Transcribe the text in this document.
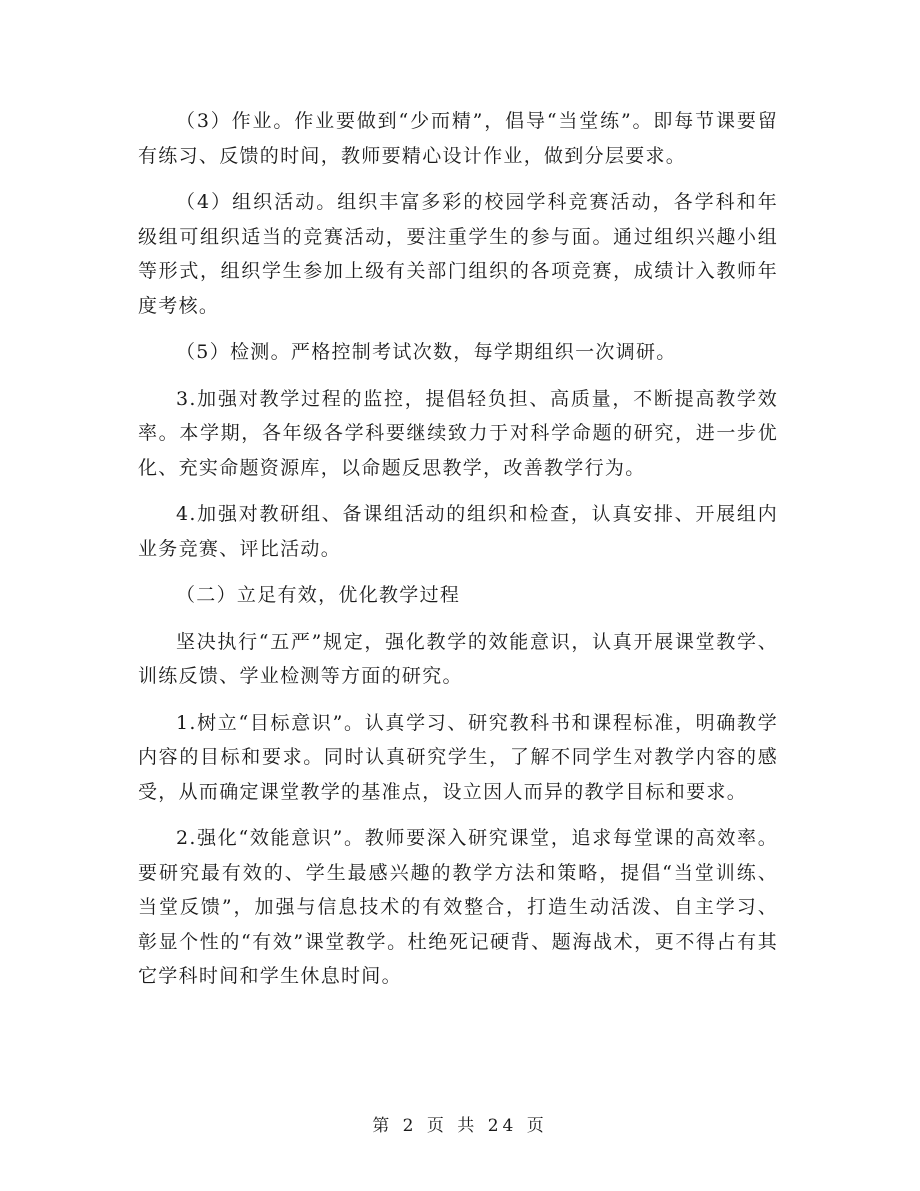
（3）作业。作业要做到“少而精”，倡导“当堂练”。即每节课要留有练习、反馈的时间，教师要精心设计作业，做到分层要求。

（4）组织活动。组织丰富多彩的校园学科竞赛活动，各学科和年级组可组织适当的竞赛活动，要注重学生的参与面。通过组织兴趣小组等形式，组织学生参加上级有关部门组织的各项竞赛，成绩计入教师年度考核。

（5）检测。严格控制考试次数，每学期组织一次调研。

3.加强对教学过程的监控，提倡轻负担、高质量，不断提高教学效率。本学期，各年级各学科要继续致力于对科学命题的研究，进一步优化、充实命题资源库，以命题反思教学，改善教学行为。

4.加强对教研组、备课组活动的组织和检查，认真安排、开展组内业务竞赛、评比活动。

（二）立足有效，优化教学过程

坚决执行“五严”规定，强化教学的效能意识，认真开展课堂教学、训练反馈、学业检测等方面的研究。

1.树立“目标意识”。认真学习、研究教科书和课程标准，明确教学内容的目标和要求。同时认真研究学生，了解不同学生对教学内容的感受，从而确定课堂教学的基准点，设立因人而异的教学目标和要求。

2.强化“效能意识”。教师要深入研究课堂，追求每堂课的高效率。要研究最有效的、学生最感兴趣的教学方法和策略，提倡“当堂训练、当堂反馈”，加强与信息技术的有效整合，打造生动活泼、自主学习、彰显个性的“有效”课堂教学。杜绝死记硬背、题海战术，更不得占有其它学科时间和学生休息时间。

第 2 页 共 24 页
